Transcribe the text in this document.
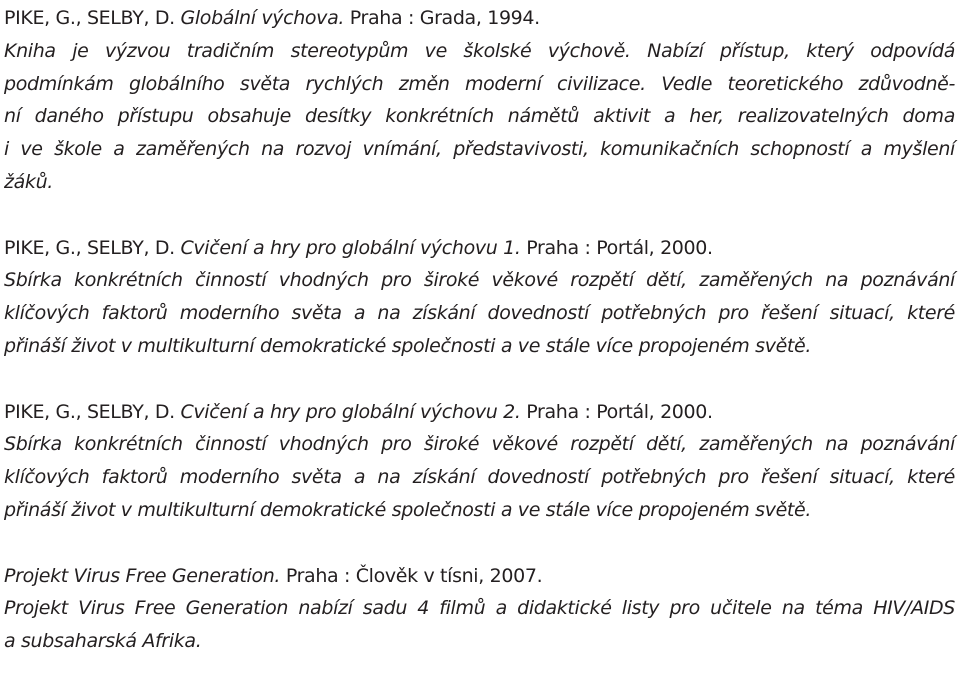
PIKE, G., SELBY, D. Globální výchova. Praha : Grada, 1994.
Kniha je výzvou tradičním stereotypům ve školské výchově. Nabízí přístup, který odpovídá
podmínkám globálního světa rychlých změn moderní civilizace. Vedle teoretického zdůvodně-
ní daného přístupu obsahuje desítky konkrétních námětů aktivit a her, realizovatelných doma
i ve škole a zaměřených na rozvoj vnímání, představivosti, komunikačních schopností a myšlení
žáků.
PIKE, G., SELBY, D. Cvičení a hry pro globální výchovu 1. Praha : Portál, 2000.
Sbírka konkrétních činností vhodných pro široké věkové rozpětí dětí, zaměřených na poznávání
klíčových faktorů moderního světa a na získání dovedností potřebných pro řešení situací, které
přináší život v multikulturní demokratické společnosti a ve stále více propojeném světě.
PIKE, G., SELBY, D. Cvičení a hry pro globální výchovu 2. Praha : Portál, 2000.
Sbírka konkrétních činností vhodných pro široké věkové rozpětí dětí, zaměřených na poznávání
klíčových faktorů moderního světa a na získání dovedností potřebných pro řešení situací, které
přináší život v multikulturní demokratické společnosti a ve stále více propojeném světě.
Projekt Virus Free Generation. Praha : Člověk v tísni, 2007.
Projekt Virus Free Generation nabízí sadu 4 filmů a didaktické listy pro učitele na téma HIV/AIDS
a subsaharská Afrika.
